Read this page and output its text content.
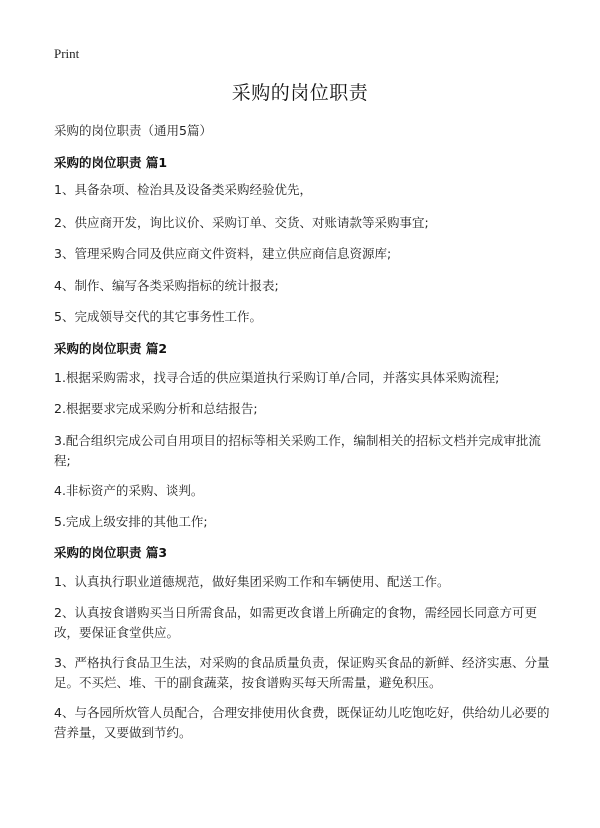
Print
采购的岗位职责
采购的岗位职责（通用5篇）
采购的岗位职责 篇1
1、具备杂项、检治具及设备类采购经验优先，
2、供应商开发，询比议价、采购订单、交货、对账请款等采购事宜;
3、管理采购合同及供应商文件资料，建立供应商信息资源库;
4、制作、编写各类采购指标的统计报表;
5、完成领导交代的其它事务性工作。
采购的岗位职责 篇2
1.根据采购需求，找寻合适的供应渠道执行采购订单/合同，并落实具体采购流程;
2.根据要求完成采购分析和总结报告;
3.配合组织完成公司自用项目的招标等相关采购工作，编制相关的招标文档并完成审批流程;
4.非标资产的采购、谈判。
5.完成上级安排的其他工作;
采购的岗位职责 篇3
1、认真执行职业道德规范，做好集团采购工作和车辆使用、配送工作。
2、认真按食谱购买当日所需食品，如需更改食谱上所确定的食物，需经园长同意方可更改，要保证食堂供应。
3、严格执行食品卫生法，对采购的食品质量负责，保证购买食品的新鲜、经济实惠、分量足。不买烂、堆、干的副食蔬菜，按食谱购买每天所需量，避免积压。
4、与各园所炊管人员配合，合理安排使用伙食费，既保证幼儿吃饱吃好，供给幼儿必要的营养量，又要做到节约。
